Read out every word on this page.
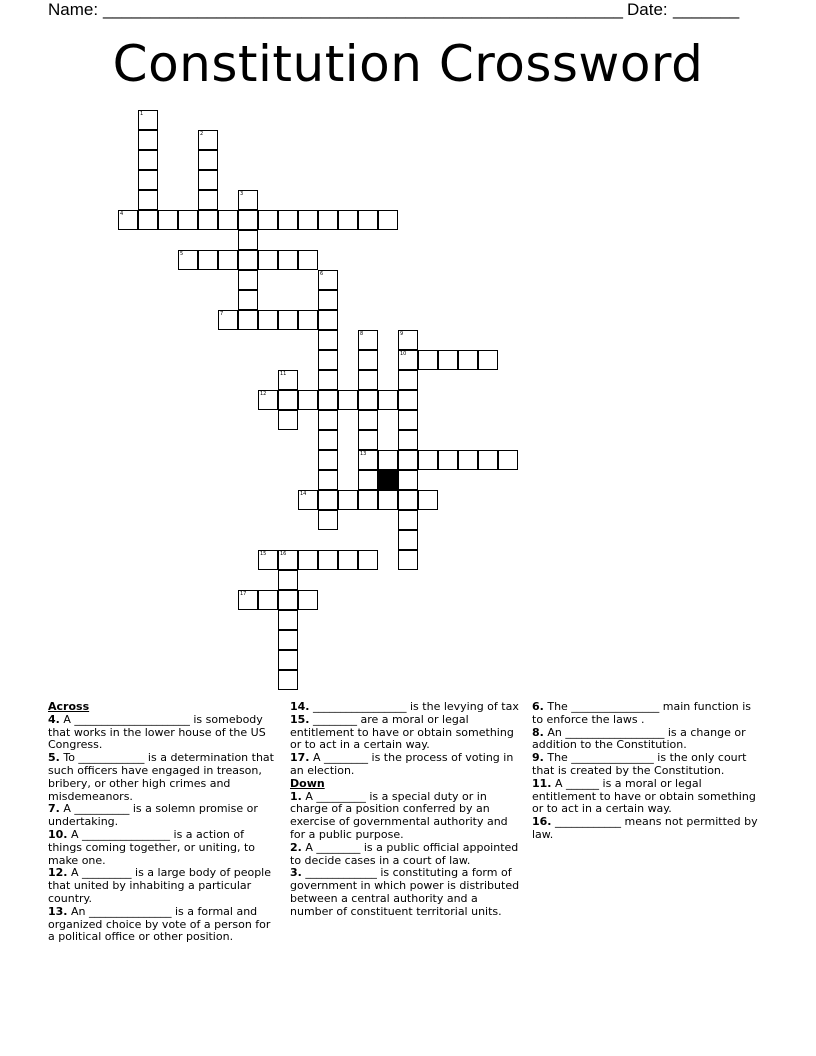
Name: _______________________________________________________ Date: _______
Constitution Crossword
1
2
3
4
5
6
7
8
13
9
10
11
12
14
15	16
17

Across

4. A _____________________ is somebody that works in the lower house of the US Congress.

5. To ____________ is a determination that such officers have engaged in treason, bribery, or other high crimes and misdemeanors.

7. A __________ is a solemn promise or undertaking.

10. A ________________ is a action of things coming together, or uniting, to make one.

12. A _________ is a large body of people that united by inhabiting a particular country.

13. An _______________ is a formal and organized choice by vote of a person for a political office or other position.

14. _________________ is the levying of tax

15. ________ are a moral or legal entitlement to have or obtain something or to act in a certain way.

17. A ________ is the process of voting in an election.

Down

1. A _________ is a special duty or in charge of a position conferred by an exercise of governmental authority and for a public purpose.

2. A ________ is a public official appointed to decide cases in a court of law.

3. _____________ is constituting a form of government in which power is distributed between a central authority and a number of constituent territorial units.

6. The ________________ main function is to enforce the laws .

8. An __________________ is a change or addition to the Constitution.

9. The _______________ is the only court that is created by the Constitution.

11. A ______ is a moral or legal entitlement to have or obtain something or to act in a certain way.

16. ____________ means not permitted by law.
